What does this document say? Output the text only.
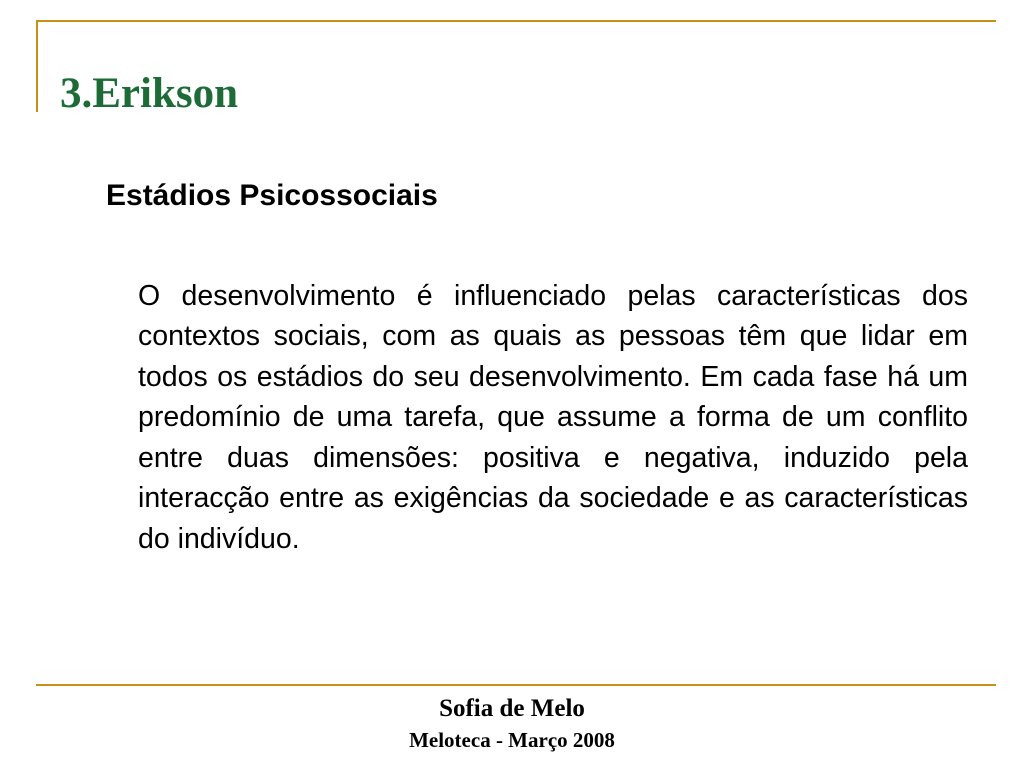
3.Erikson
Estádios Psicossociais

O desenvolvimento é influenciado pelas características dos contextos sociais, com as quais as pessoas têm que lidar em todos os estádios do seu desenvolvimento. Em cada fase há um predomínio de uma tarefa, que assume a forma de um conflito entre duas dimensões: positiva e negativa, induzido pela interacção entre as exigências da sociedade e as características do indivíduo.

Sofia de Melo
Meloteca - Março 2008
